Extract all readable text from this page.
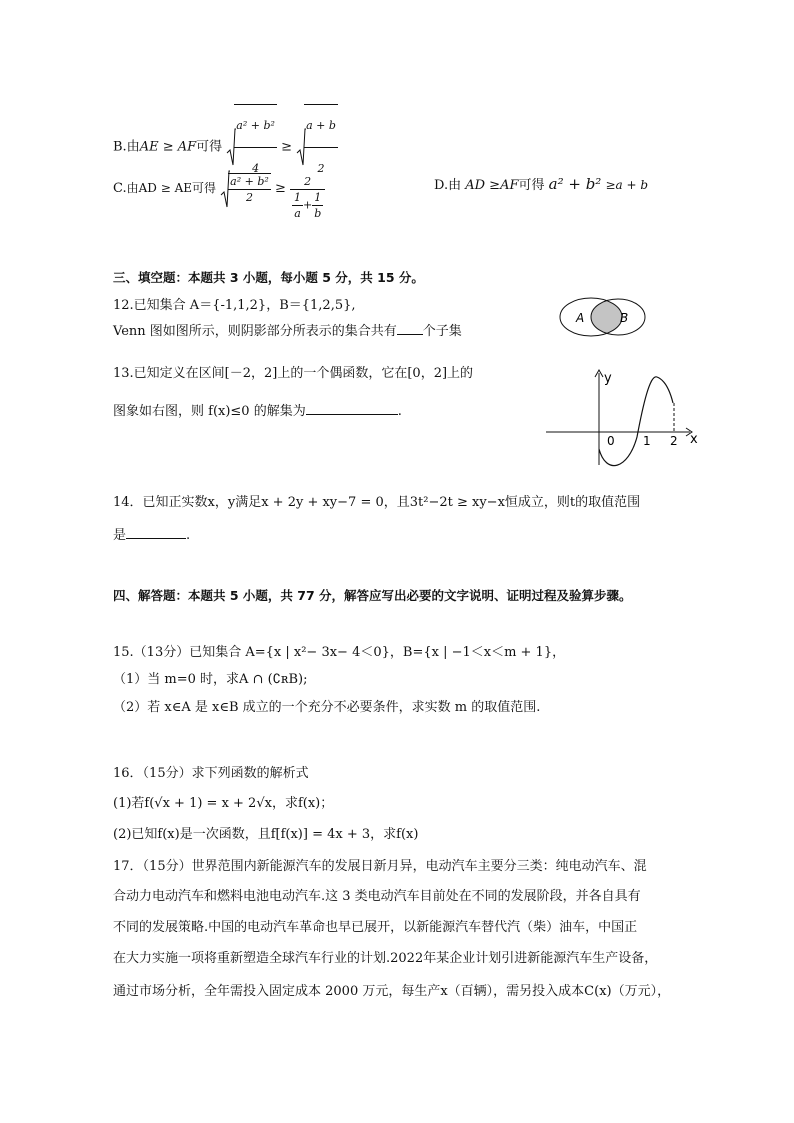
B.由AE ≥ AF可得 $\frac{\text{a² + b²}}{4} \ge \frac{a + b}{2}$
C.由AD ≥ AE可得 $\frac{\text{a² + b²}}{2} \ge \frac{2}{\frac{1}{a} + \frac{1}{b}}$	D.由 AD ≥AF可得 a² + b² ≥a + b
三、填空题：本题共 3 小题，每小题 5 分，共 15 分。
12.已知集合 A＝{-1,1,2}，B＝{1,2,5},
Venn 图如图所示，则阴影部分所表示的集合共有 个子集
A	B
13.已知定义在区间[－2，2]上的一个偶函数，它在[0，2]上的
图象如右图，则 f(x)≤0 的解集为	.
y
x
0 1 2
14．已知正实数x，y满足x + 2y + xy−7 = 0，且3t²−2t ≥ xy−x恒成立，则t的取值范围
是	.
四、解答题：本题共 5 小题，共 77 分，解答应写出必要的文字说明、证明过程及验算步骤。
15.（13分）已知集合 A={x | x²− 3x− 4＜0}，B={x | −1＜x＜m + 1}，
（1）当 m=0 时，求A ∩ (∁ʀB);
（2）若 x∈A 是 x∈B 成立的一个充分不必要条件，求实数 m 的取值范围.
16．（15分）求下列函数的解析式
(1)若f(√x + 1) = x + 2√x，求f(x)；
(2)已知f(x)是一次函数，且f[f(x)] = 4x + 3，求f(x)
17．（15分）世界范围内新能源汽车的发展日新月异，电动汽车主要分三类：纯电动汽车、混
合动力电动汽车和燃料电池电动汽车.这 3 类电动汽车目前处在不同的发展阶段，并各自具有
不同的发展策略.中国的电动汽车革命也早已展开，以新能源汽车替代汽（柴）油车，中国正
在大力实施一项将重新塑造全球汽车行业的计划.2022年某企业计划引进新能源汽车生产设备，
通过市场分析，全年需投入固定成本 2000 万元，每生产x（百辆），需另投入成本C(x)（万元），
